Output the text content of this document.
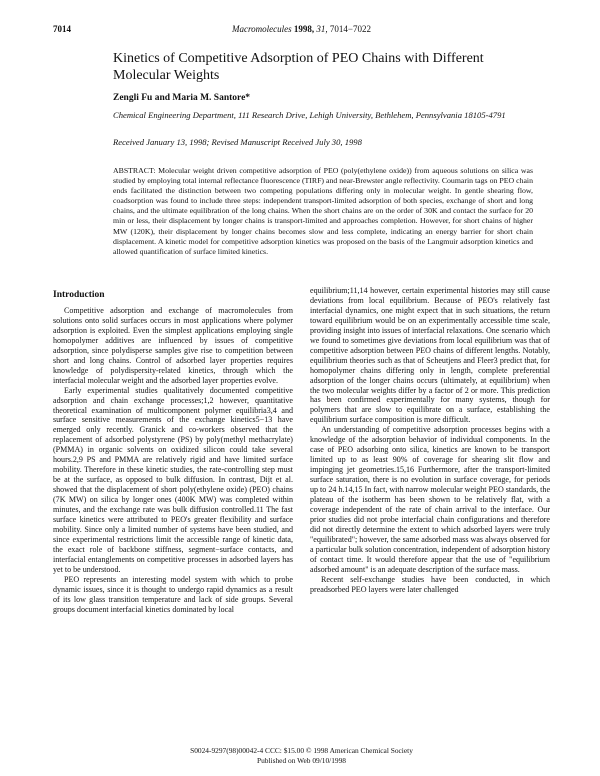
7014	Macromolecules 1998, 31, 7014−7022
Kinetics of Competitive Adsorption of PEO Chains with Different Molecular Weights
Zengli Fu and Maria M. Santore*
Chemical Engineering Department, 111 Research Drive, Lehigh University, Bethlehem, Pennsylvania 18105-4791
Received January 13, 1998; Revised Manuscript Received July 30, 1998
ABSTRACT: Molecular weight driven competitive adsorption of PEO (poly(ethylene oxide)) from aqueous solutions on silica was studied by employing total internal reflectance fluorescence (TIRF) and near-Brewster angle reflectivity. Coumarin tags on PEO chain ends facilitated the distinction between two competing populations differing only in molecular weight. In gentle shearing flow, coadsorption was found to include three steps: independent transport-limited adsorption of both species, exchange of short and long chains, and the ultimate equilibration of the long chains. When the short chains are on the order of 30K and contact the surface for 20 min or less, their displacement by longer chains is transport-limited and approaches completion. However, for short chains of higher MW (120K), their displacement by longer chains becomes slow and less complete, indicating an energy barrier for short chain displacement. A kinetic model for competitive adsorption kinetics was proposed on the basis of the Langmuir adsorption kinetics and allowed quantification of surface limited kinetics.
Introduction

Competitive adsorption and exchange of macromolecules from solutions onto solid surfaces occurs in most applications where polymer adsorption is exploited. Even the simplest applications employing single homopolymer additives are influenced by issues of competitive adsorption, since polydisperse samples give rise to competition between short and long chains. Control of adsorbed layer properties requires knowledge of polydispersity-related kinetics, through which the interfacial molecular weight and the adsorbed layer properties evolve.

Early experimental studies qualitatively documented competitive adsorption and chain exchange processes;1,2 however, quantitative theoretical examination of multicomponent polymer equilibria3,4 and surface sensitive measurements of the exchange kinetics5−13 have emerged only recently. Granick and co-workers observed that the replacement of adsorbed polystyrene (PS) by poly(methyl methacrylate) (PMMA) in organic solvents on oxidized silicon could take several hours.2,9 PS and PMMA are relatively rigid and have limited surface mobility. Therefore in these kinetic studies, the rate-controlling step must be at the surface, as opposed to bulk diffusion. In contrast, Dijt et al. showed that the displacement of short poly(ethylene oxide) (PEO) chains (7K MW) on silica by longer ones (400K MW) was completed within minutes, and the exchange rate was bulk diffusion controlled.11 The fast surface kinetics were attributed to PEO's greater flexibility and surface mobility. Since only a limited number of systems have been studied, and since experimental restrictions limit the accessible range of kinetic data, the exact role of backbone stiffness, segment−surface contacts, and interfacial entanglements on competitive processes in adsorbed layers has yet to be understood.

PEO represents an interesting model system with which to probe dynamic issues, since it is thought to undergo rapid dynamics as a result of its low glass transition temperature and lack of side groups. Several groups document interfacial kinetics dominated by local

equilibrium;11,14 however, certain experimental histories may still cause deviations from local equilibrium. Because of PEO's relatively fast interfacial dynamics, one might expect that in such situations, the return toward equilibrium would be on an experimentally accessible time scale, providing insight into issues of interfacial relaxations. One scenario which we found to sometimes give deviations from local equilibrium was that of competitive adsorption between PEO chains of different lengths. Notably, equilibrium theories such as that of Scheutjens and Fleer3 predict that, for homopolymer chains differing only in length, complete preferential adsorption of the longer chains occurs (ultimately, at equilibrium) when the two molecular weights differ by a factor of 2 or more. This prediction has been confirmed experimentally for many systems, though for polymers that are slow to equilibrate on a surface, establishing the equilibrium surface composition is more difficult.

An understanding of competitive adsorption processes begins with a knowledge of the adsorption behavior of individual components. In the case of PEO adsorbing onto silica, kinetics are known to be transport limited up to as least 90% of coverage for shearing slit flow and impinging jet geometries.15,16 Furthermore, after the transport-limited surface saturation, there is no evolution in surface coverage, for periods up to 24 h.14,15 In fact, with narrow molecular weight PEO standards, the plateau of the isotherm has been shown to be relatively flat, with a coverage independent of the rate of chain arrival to the interface. Our prior studies did not probe interfacial chain configurations and therefore did not directly determine the extent to which adsorbed layers were truly "equilibrated"; however, the same adsorbed mass was always observed for a particular bulk solution concentration, independent of adsorption history of contact time. It would therefore appear that the use of "equilibrium adsorbed amount" is an adequate description of the surface mass.

Recent self-exchange studies have been conducted, in which preadsorbed PEO layers were later challenged

S0024-9297(98)00042-4 CCC: $15.00 © 1998 American Chemical Society
Published on Web 09/10/1998
